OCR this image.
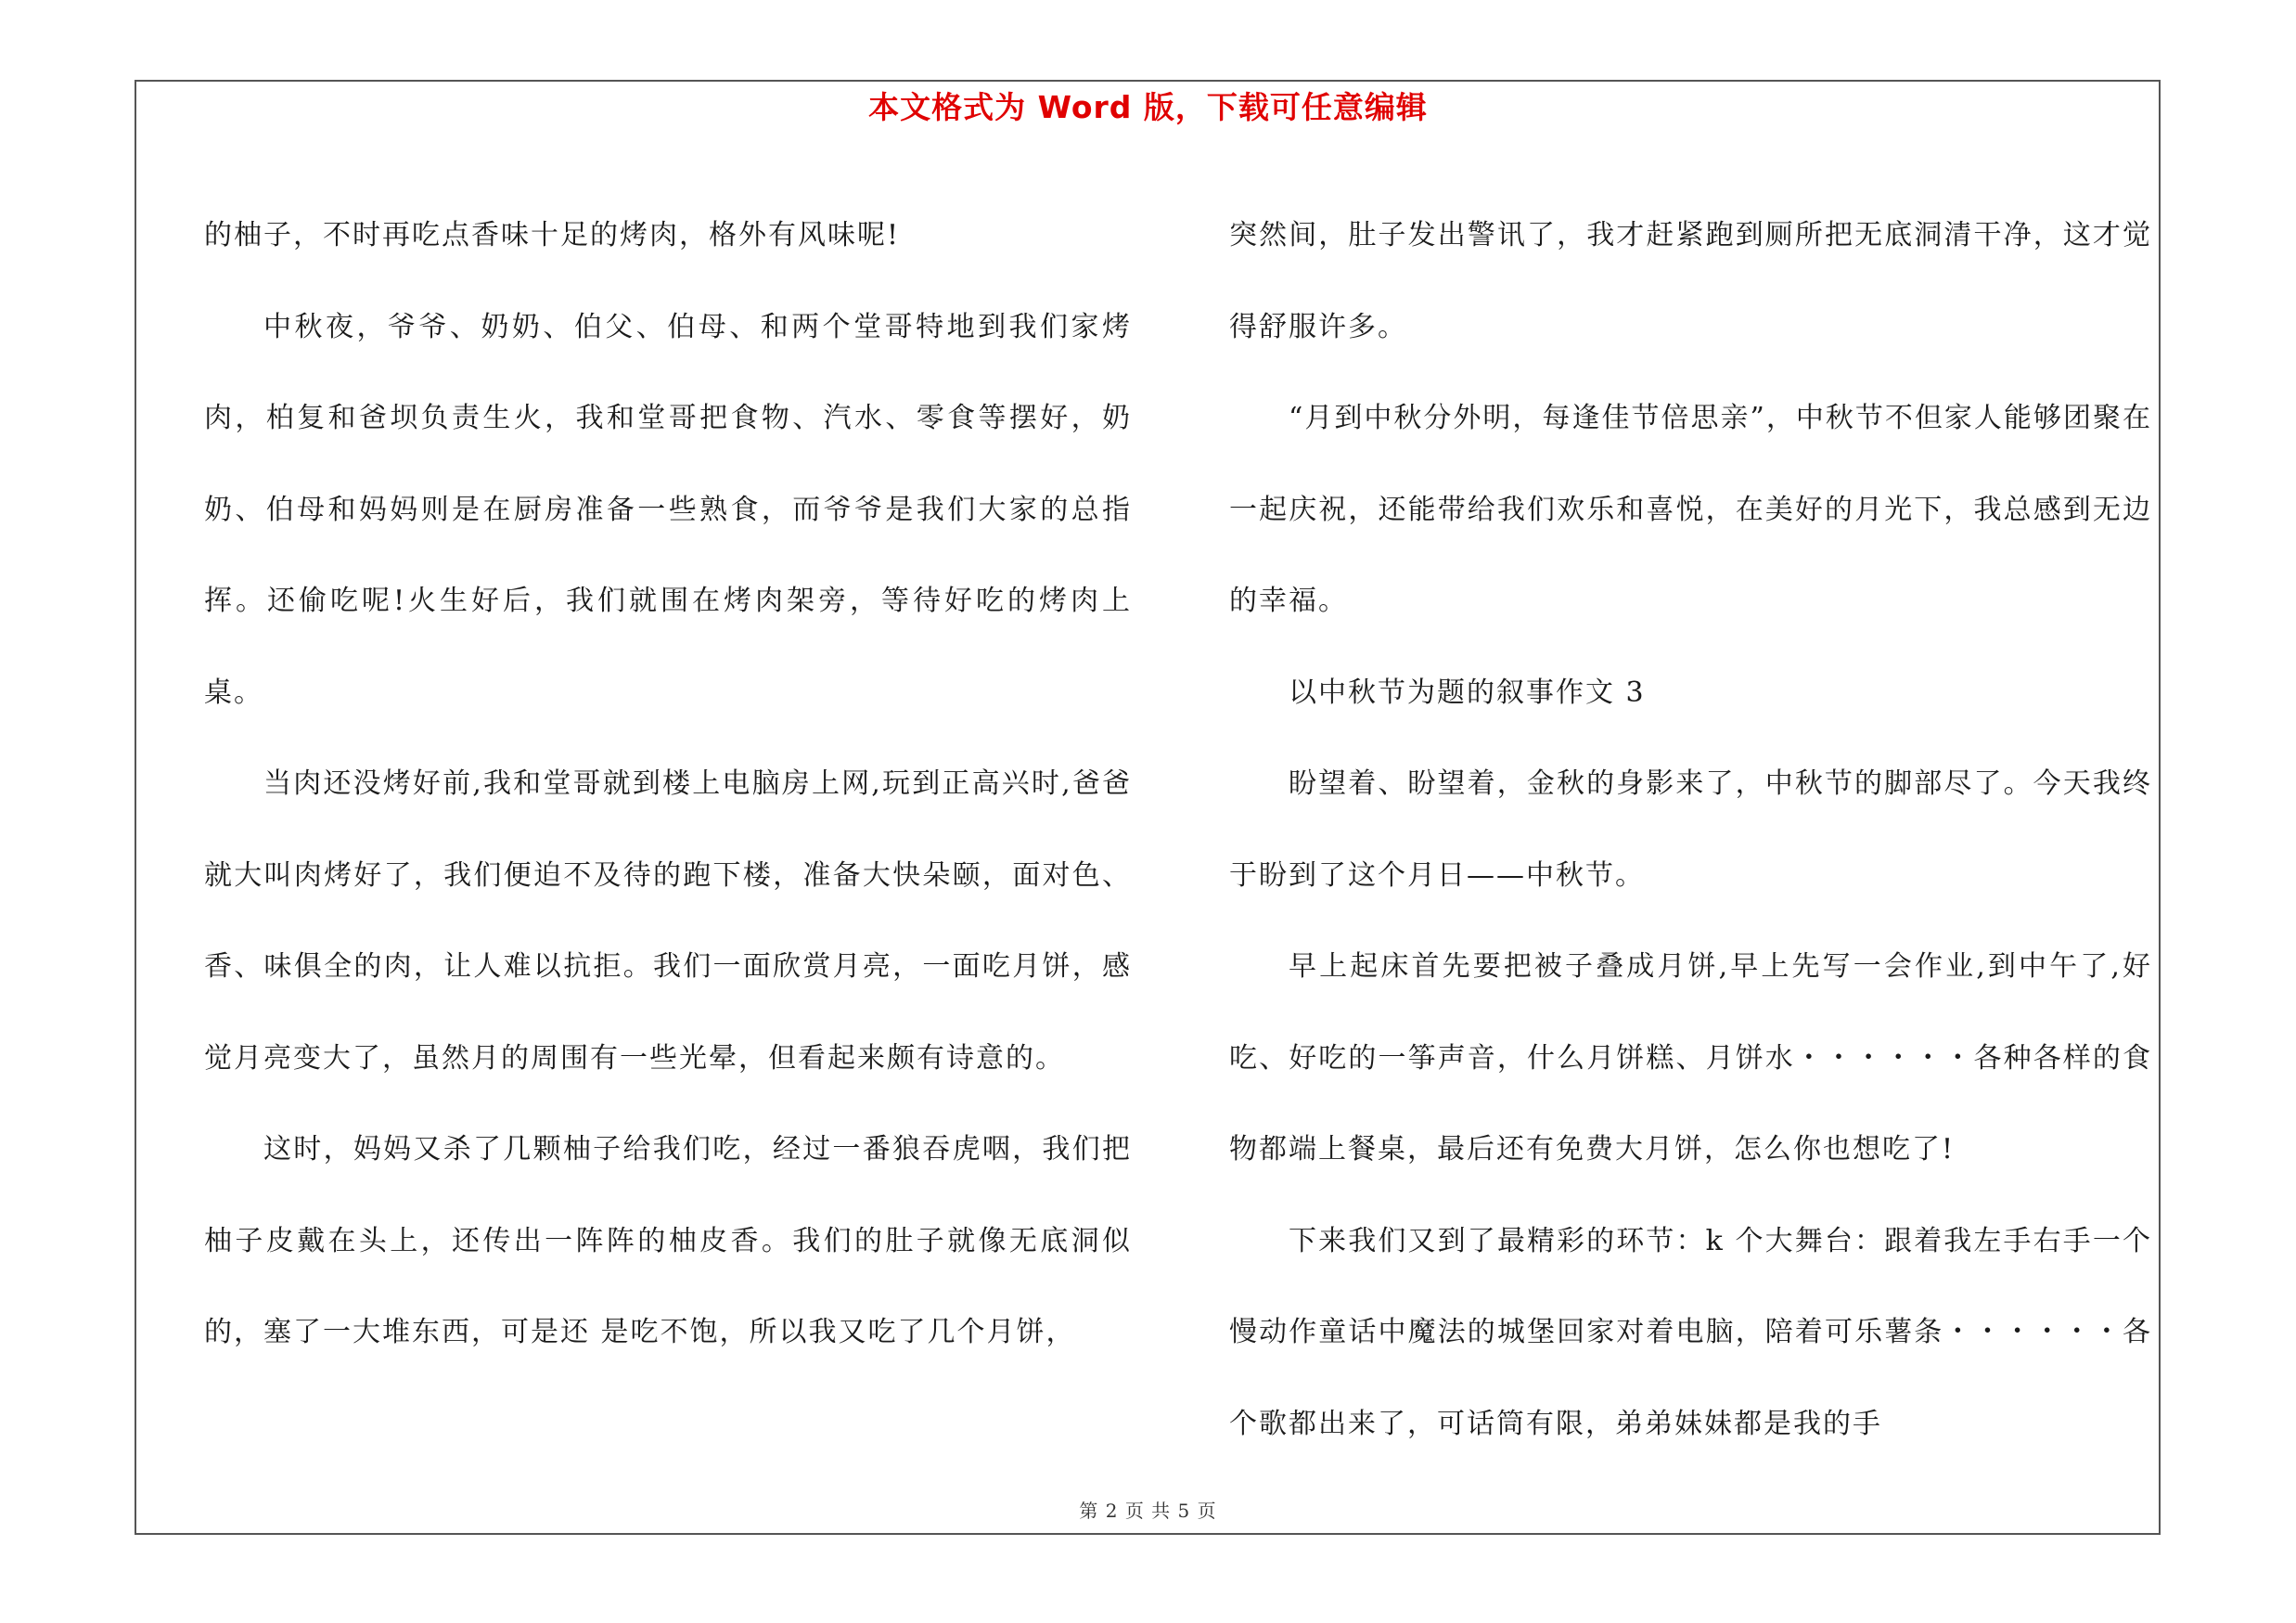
本文格式为 Word 版，下载可任意编辑

的柚子，不时再吃点香味十足的烤肉，格外有风味呢!

中秋夜，爷爷、奶奶、伯父、伯母、和两个堂哥特地到我们家烤肉，柏复和爸坝负责生火，我和堂哥把食物、汽水、零食等摆好，奶奶、伯母和妈妈则是在厨房准备一些熟食，而爷爷是我们大家的总指挥。还偷吃呢!火生好后，我们就围在烤肉架旁，等待好吃的烤肉上桌。

当肉还没烤好前,我和堂哥就到楼上电脑房上网,玩到正高兴时,爸爸就大叫肉烤好了，我们便迫不及待的跑下楼，准备大快朵颐，面对色、香、味俱全的肉，让人难以抗拒。我们一面欣赏月亮，一面吃月饼，感觉月亮变大了，虽然月的周围有一些光晕，但看起来颇有诗意的。

这时，妈妈又杀了几颗柚子给我们吃，经过一番狼吞虎咽，我们把柚子皮戴在头上，还传出一阵阵的柚皮香。我们的肚子就像无底洞似的，塞了一大堆东西，可是还 是吃不饱，所以我又吃了几个月饼，

突然间，肚子发出警讯了，我才赶紧跑到厕所把无底洞清干净，这才觉得舒服许多。

“月到中秋分外明，每逢佳节倍思亲”，中秋节不但家人能够团聚在一起庆祝，还能带给我们欢乐和喜悦，在美好的月光下，我总感到无边的幸福。

以中秋节为题的叙事作文 3

盼望着、盼望着，金秋的身影来了，中秋节的脚部尽了。今天我终于盼到了这个月日——中秋节。

早上起床首先要把被子叠成月饼,早上先写一会作业,到中午了,好吃、好吃的一筝声音，什么月饼糕、月饼水・・・・・・各种各样的食物都端上餐桌，最后还有免费大月饼，怎么你也想吃了!

下来我们又到了最精彩的环节：k 个大舞台：跟着我左手右手一个慢动作童话中魔法的城堡回家对着电脑，陪着可乐薯条・・・・・・各个歌都出来了，可话筒有限，弟弟妹妹都是我的手

第 2 页 共 5 页
